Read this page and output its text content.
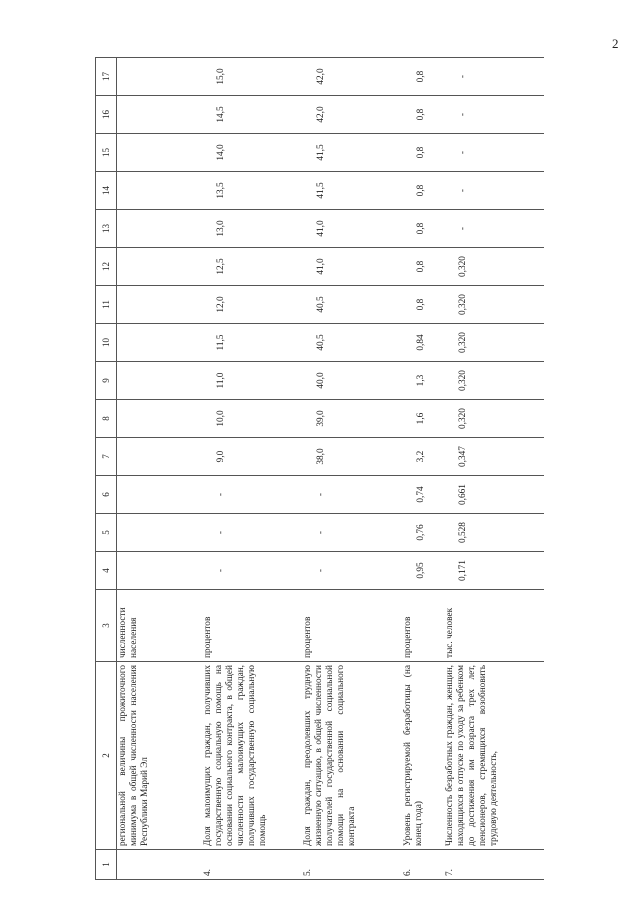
2
1	2	3	4	5	6	7	8	9	10	11	12	13	14	15	16	17
	региональной величины прожиточного минимума в общей численности населения Республики Марий Эл	численности населения														
4.	Доля малоимущих граждан, получивших государственную социальную помощь на основании социального контракта, в общей численности малоимущих граждан, получивших государственную социальную помощь	процентов	-	-	-	9,0	10,0	11,0	11,5	12,0	12,5	13,0	13,5	14,0	14,5	15,0
5.	Доля граждан, преодолевших трудную жизненную ситуацию, в общей численности получателей государственной социальной помощи на основании социального контракта	процентов	-	-	-	38,0	39,0	40,0	40,5	40,5	41,0	41,0	41,5	41,5	42,0	42,0
6.	Уровень регистрируемой безработицы (на конец года)	процентов	0,95	0,76	0,74	3,2	1,6	1,3	0,84	0,8	0,8	0,8	0,8	0,8	0,8	0,8
7.	Численность безработных граждан, женщин, находящихся в отпуске по уходу за ребенком до достижения им возраста трех лет, пенсионеров, стремящихся возобновить трудовую деятельность,	тыс. человек	0,171	0,528	0,661	0,347	0,320	0,320	0,320	0,320	0,320	-	-	-	-	-
